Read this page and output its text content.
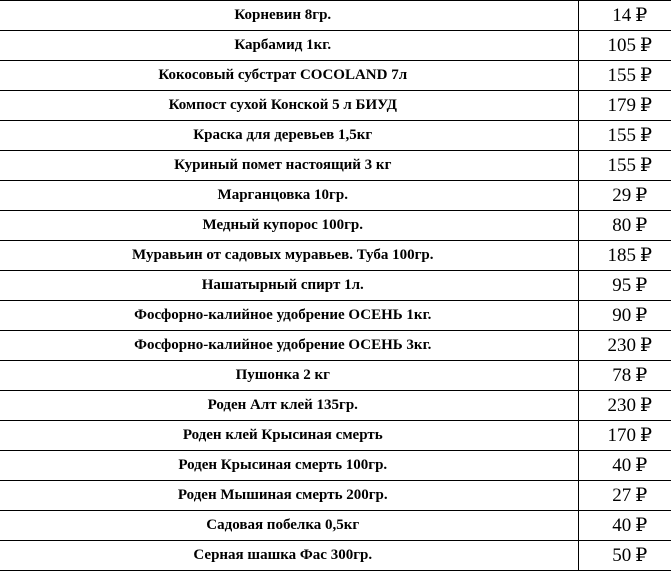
Корневин 8гр.	14 ₽
Карбамид 1кг.	105 ₽
Кокосовый субстрат COCOLAND 7л	155 ₽
Компост сухой Конской 5 л БИУД	179 ₽
Краска для деревьев 1,5кг	155 ₽
Куриный помет настоящий 3 кг	155 ₽
Марганцовка 10гр.	29 ₽
Медный купорос 100гр.	80 ₽
Муравьин от садовых муравьев. Туба 100гр.	185 ₽
Нашатырный спирт 1л.	95 ₽
Фосфорно-калийное удобрение ОСЕНЬ 1кг.	90 ₽
Фосфорно-калийное удобрение ОСЕНЬ 3кг.	230 ₽
Пушонка 2 кг	78 ₽
Роден Алт клей 135гр.	230 ₽
Роден клей Крысиная смерть	170 ₽
Роден Крысиная смерть 100гр.	40 ₽
Роден Мышиная смерть 200гр.	27 ₽
Садовая побелка 0,5кг	40 ₽
Серная шашка Фас 300гр.	50 ₽
